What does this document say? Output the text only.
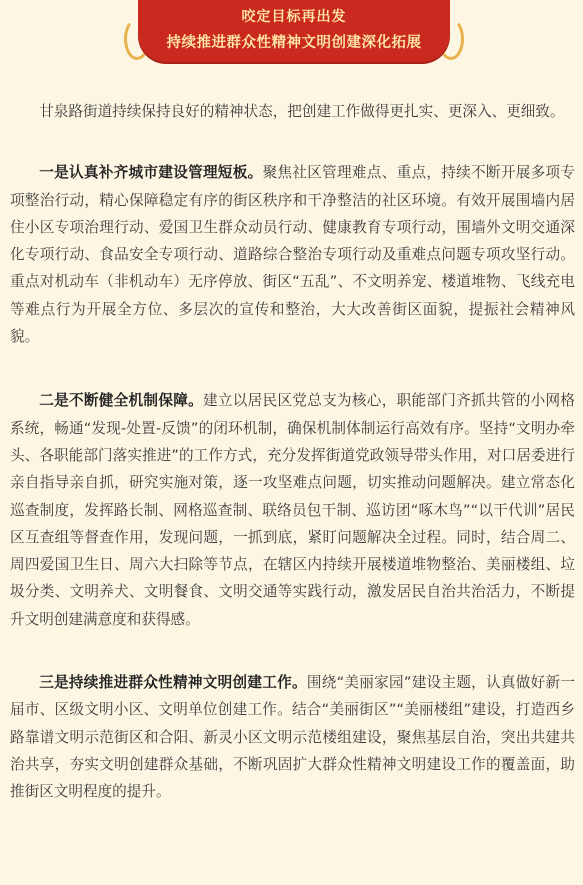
咬定目标再出发
持续推进群众性精神文明创建深化拓展

甘泉路街道持续保持良好的精神状态，把创建工作做得更扎实、更深入、更细致。

一是认真补齐城市建设管理短板。聚焦社区管理难点、重点，持续不断开展多项专项整治行动，精心保障稳定有序的街区秩序和干净整洁的社区环境。有效开展围墙内居住小区专项治理行动、爱国卫生群众动员行动、健康教育专项行动，围墙外文明交通深化专项行动、食品安全专项行动、道路综合整治专项行动及重难点问题专项攻坚行动。重点对机动车（非机动车）无序停放、街区“五乱”、不文明养宠、楼道堆物、飞线充电等难点行为开展全方位、多层次的宣传和整治，大大改善街区面貌，提振社会精神风貌。

二是不断健全机制保障。建立以居民区党总支为核心，职能部门齐抓共管的小网格系统，畅通“发现-处置-反馈”的闭环机制，确保机制体制运行高效有序。坚持“文明办牵头、各职能部门落实推进”的工作方式，充分发挥街道党政领导带头作用，对口居委进行亲自指导亲自抓，研究实施对策，逐一攻坚难点问题，切实推动问题解决。建立常态化巡查制度，发挥路长制、网格巡查制、联络员包干制、巡访团“啄木鸟”“以干代训”居民区互查组等督查作用，发现问题，一抓到底，紧盯问题解决全过程。同时，结合周二、周四爱国卫生日、周六大扫除等节点，在辖区内持续开展楼道堆物整治、美丽楼组、垃圾分类、文明养犬、文明餐食、文明交通等实践行动，激发居民自治共治活力，不断提升文明创建满意度和获得感。

三是持续推进群众性精神文明创建工作。围绕“美丽家园”建设主题，认真做好新一届市、区级文明小区、文明单位创建工作。结合“美丽街区”“美丽楼组”建设，打造西乡路靠谱文明示范街区和合阳、新灵小区文明示范楼组建设，聚焦基层自治，突出共建共治共享，夯实文明创建群众基础，不断巩固扩大群众性精神文明建设工作的覆盖面，助推街区文明程度的提升。
